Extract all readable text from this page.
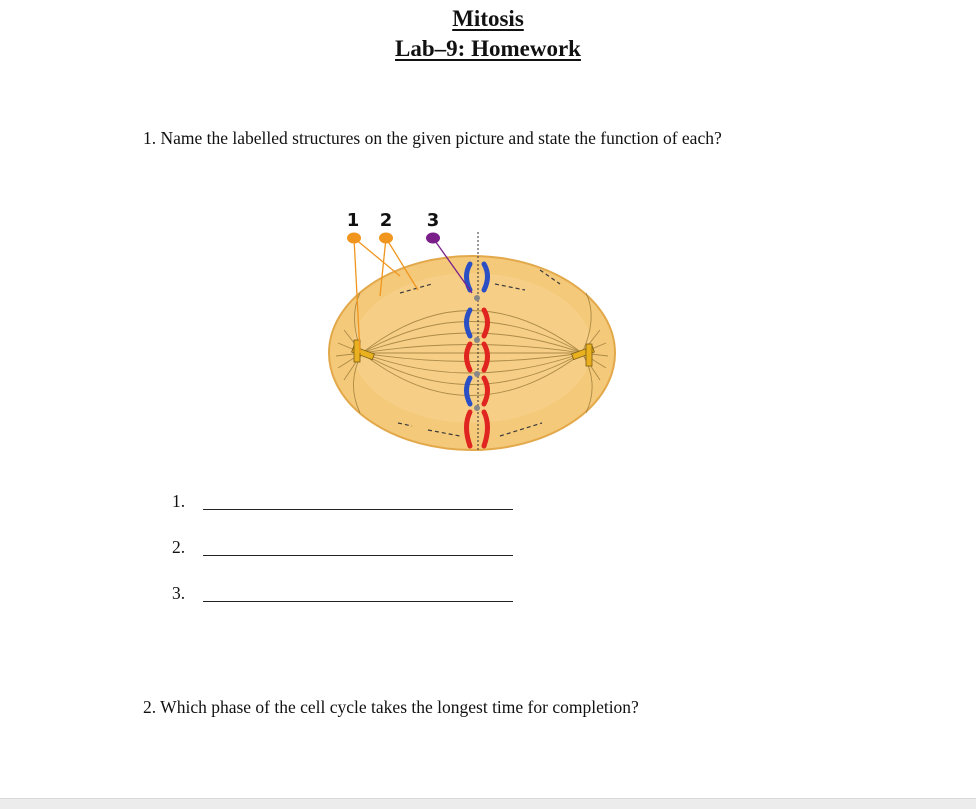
Mitosis
Lab–9: Homework
1. Name the labelled structures on the given picture and state the function of each?
1 2 3
1.
2.
3.
2. Which phase of the cell cycle takes the longest time for completion?
